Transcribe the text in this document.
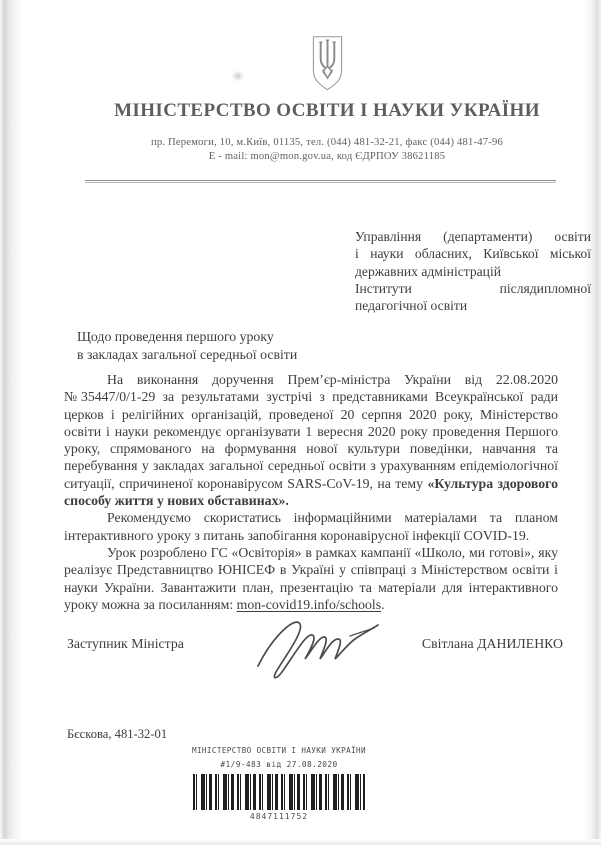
МІНІСТЕРСТВО ОСВІТИ І НАУКИ УКРАЇНИ
пр. Перемоги, 10, м.Київ, 01135, тел. (044) 481-32-21, факс (044) 481-47-96
E - mail: mon@mon.gov.ua, код ЄДРПОУ 38621185
Управління (департаменти) освіти
і науки обласних, Київської міської
державних адміністрацій
Інститути післядипломної
педагогічної освіти
Щодо проведення першого уроку
в закладах загальної середньої освіти

На виконання доручення Прем’єр-міністра України від 22.08.2020 №35447/0/1-29 за результатами зустрічі з представниками Всеукраїнської ради церков і релігійних організацій, проведеної 20 серпня 2020 року, Міністерство освіти і науки рекомендує організувати 1 вересня 2020 року проведення Першого уроку, спрямованого на формування нової культури поведінки, навчання та перебування у закладах загальної середньої освіти з урахуванням епідеміологічної ситуації, спричиненої коронавірусом SARS-CoV-19, на тему «Культура здорового способу життя у нових обставинах».

Рекомендуємо скористатись інформаційними матеріалами та планом інтерактивного уроку з питань запобігання коронавірусної інфекції COVID-19.

Урок розроблено ГС «Освіторія» в рамках кампанії «Школо, ми готові», яку реалізує Представництво ЮНІСЕФ в Україні у співпраці з Міністерством освіти і науки України. Завантажити план, презентацію та матеріали для інтерактивного уроку можна за посиланням: mon-covid19.info/schools.

Заступник Міністра	Світлана ДАНИЛЕНКО
Бєскова, 481-32-01
МІНІСТЕРСТВО ОСВІТИ І НАУКИ УКРАЇНИ
#1/9-483 від 27.08.2020
4847111752
